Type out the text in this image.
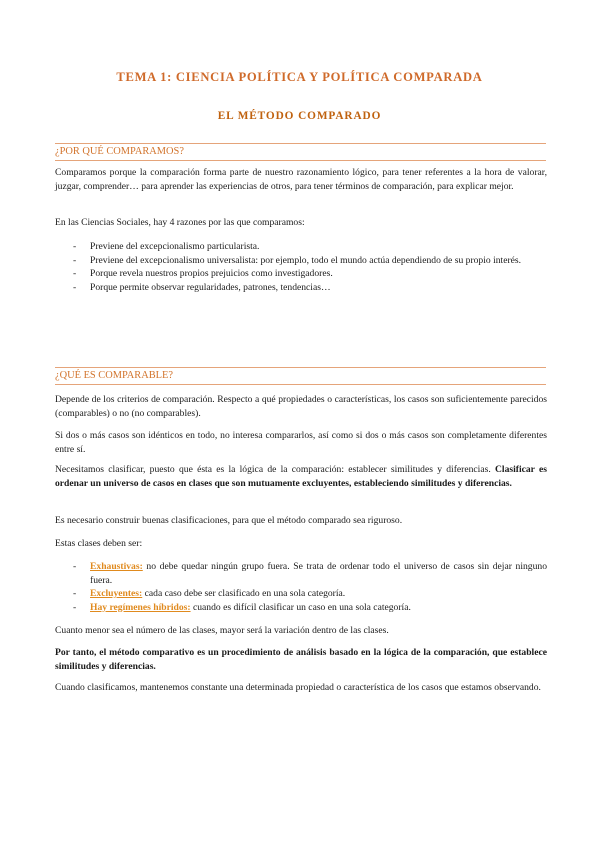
TEMA 1: CIENCIA POLÍTICA Y POLÍTICA COMPARADA
EL MÉTODO COMPARADO
¿POR QUÉ COMPARAMOS?

Comparamos porque la comparación forma parte de nuestro razonamiento lógico, para tener referentes a la hora de valorar, juzgar, comprender… para aprender las experiencias de otros, para tener términos de comparación, para explicar mejor.

En las Ciencias Sociales, hay 4 razones por las que comparamos:

- Previene del excepcionalismo particularista.
- Previene del excepcionalismo universalista: por ejemplo, todo el mundo actúa dependiendo de su propio interés.
- Porque revela nuestros propios prejuicios como investigadores.
- Porque permite observar regularidades, patrones, tendencias…
¿QUÉ ES COMPARABLE?

Depende de los criterios de comparación. Respecto a qué propiedades o características, los casos son suficientemente parecidos (comparables) o no (no comparables).

Si dos o más casos son idénticos en todo, no interesa compararlos, así como si dos o más casos son completamente diferentes entre sí.

Necesitamos clasificar, puesto que ésta es la lógica de la comparación: establecer similitudes y diferencias. Clasificar es ordenar un universo de casos en clases que son mutuamente excluyentes, estableciendo similitudes y diferencias.

Es necesario construir buenas clasificaciones, para que el método comparado sea riguroso.

Estas clases deben ser:

- Exhaustivas: no debe quedar ningún grupo fuera. Se trata de ordenar todo el universo de casos sin dejar ninguno fuera.
- Excluyentes: cada caso debe ser clasificado en una sola categoría.
- Hay regímenes híbridos: cuando es difícil clasificar un caso en una sola categoría.

Cuanto menor sea el número de las clases, mayor será la variación dentro de las clases.

Por tanto, el método comparativo es un procedimiento de análisis basado en la lógica de la comparación, que establece similitudes y diferencias.

Cuando clasificamos, mantenemos constante una determinada propiedad o característica de los casos que estamos observando.
